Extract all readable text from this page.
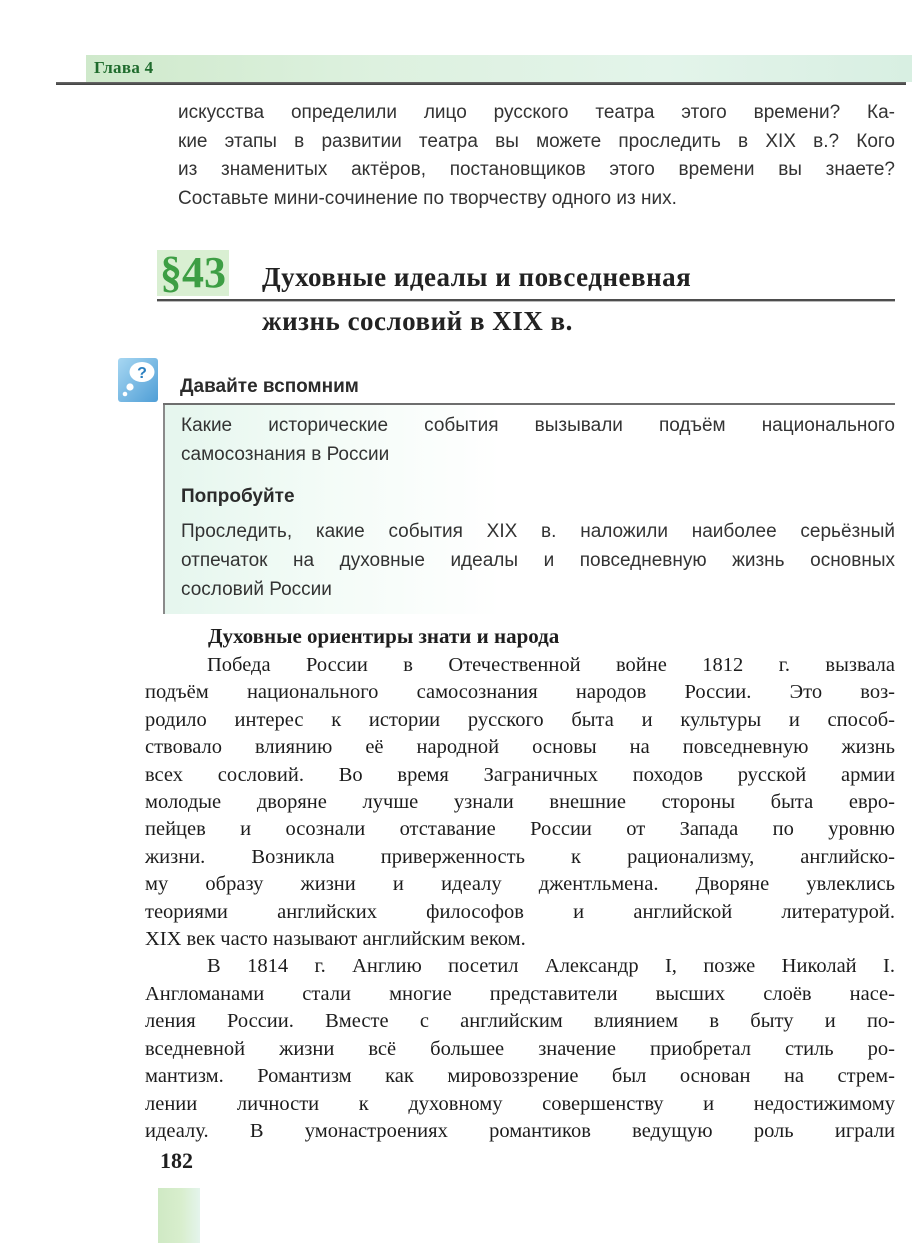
Глава 4
искусства определили лицо русского театра этого времени? Ка-
кие этапы в развитии театра вы можете проследить в XIX в.? Кого
из знаменитых актёров, постановщиков этого времени вы знаете?
Составьте мини-сочинение по творчеству одного из них.
§43 Духовные идеалы и повседневная
жизнь сословий в XIX в.
?
Давайте вспомним
Какие исторические события вызывали подъём национального
самосознания в России
Попробуйте
Проследить, какие события XIX в. наложили наиболее серьёзный
отпечаток на духовные идеалы и повседневную жизнь основных
сословий России
Духовные ориентиры знати и народа
Победа России в Отечественной войне 1812 г. вызвала
подъём национального самосознания народов России. Это воз-
родило интерес к истории русского быта и культуры и способ-
ствовало влиянию её народной основы на повседневную жизнь
всех сословий. Во время Заграничных походов русской армии
молодые дворяне лучше узнали внешние стороны быта евро-
пейцев и осознали отставание России от Запада по уровню
жизни. Возникла приверженность к рационализму, английско-
му образу жизни и идеалу джентльмена. Дворяне увлеклись
теориями английских философов и английской литературой.
XIX век часто называют английским веком.
В 1814 г. Англию посетил Александр I, позже Николай I.
Англоманами стали многие представители высших слоёв насе-
ления России. Вместе с английским влиянием в быту и по-
вседневной жизни всё большее значение приобретал стиль ро-
мантизм. Романтизм как мировоззрение был основан на стрем-
лении личности к духовному совершенству и недостижимому
идеалу. В умонастроениях романтиков ведущую роль играли
182
